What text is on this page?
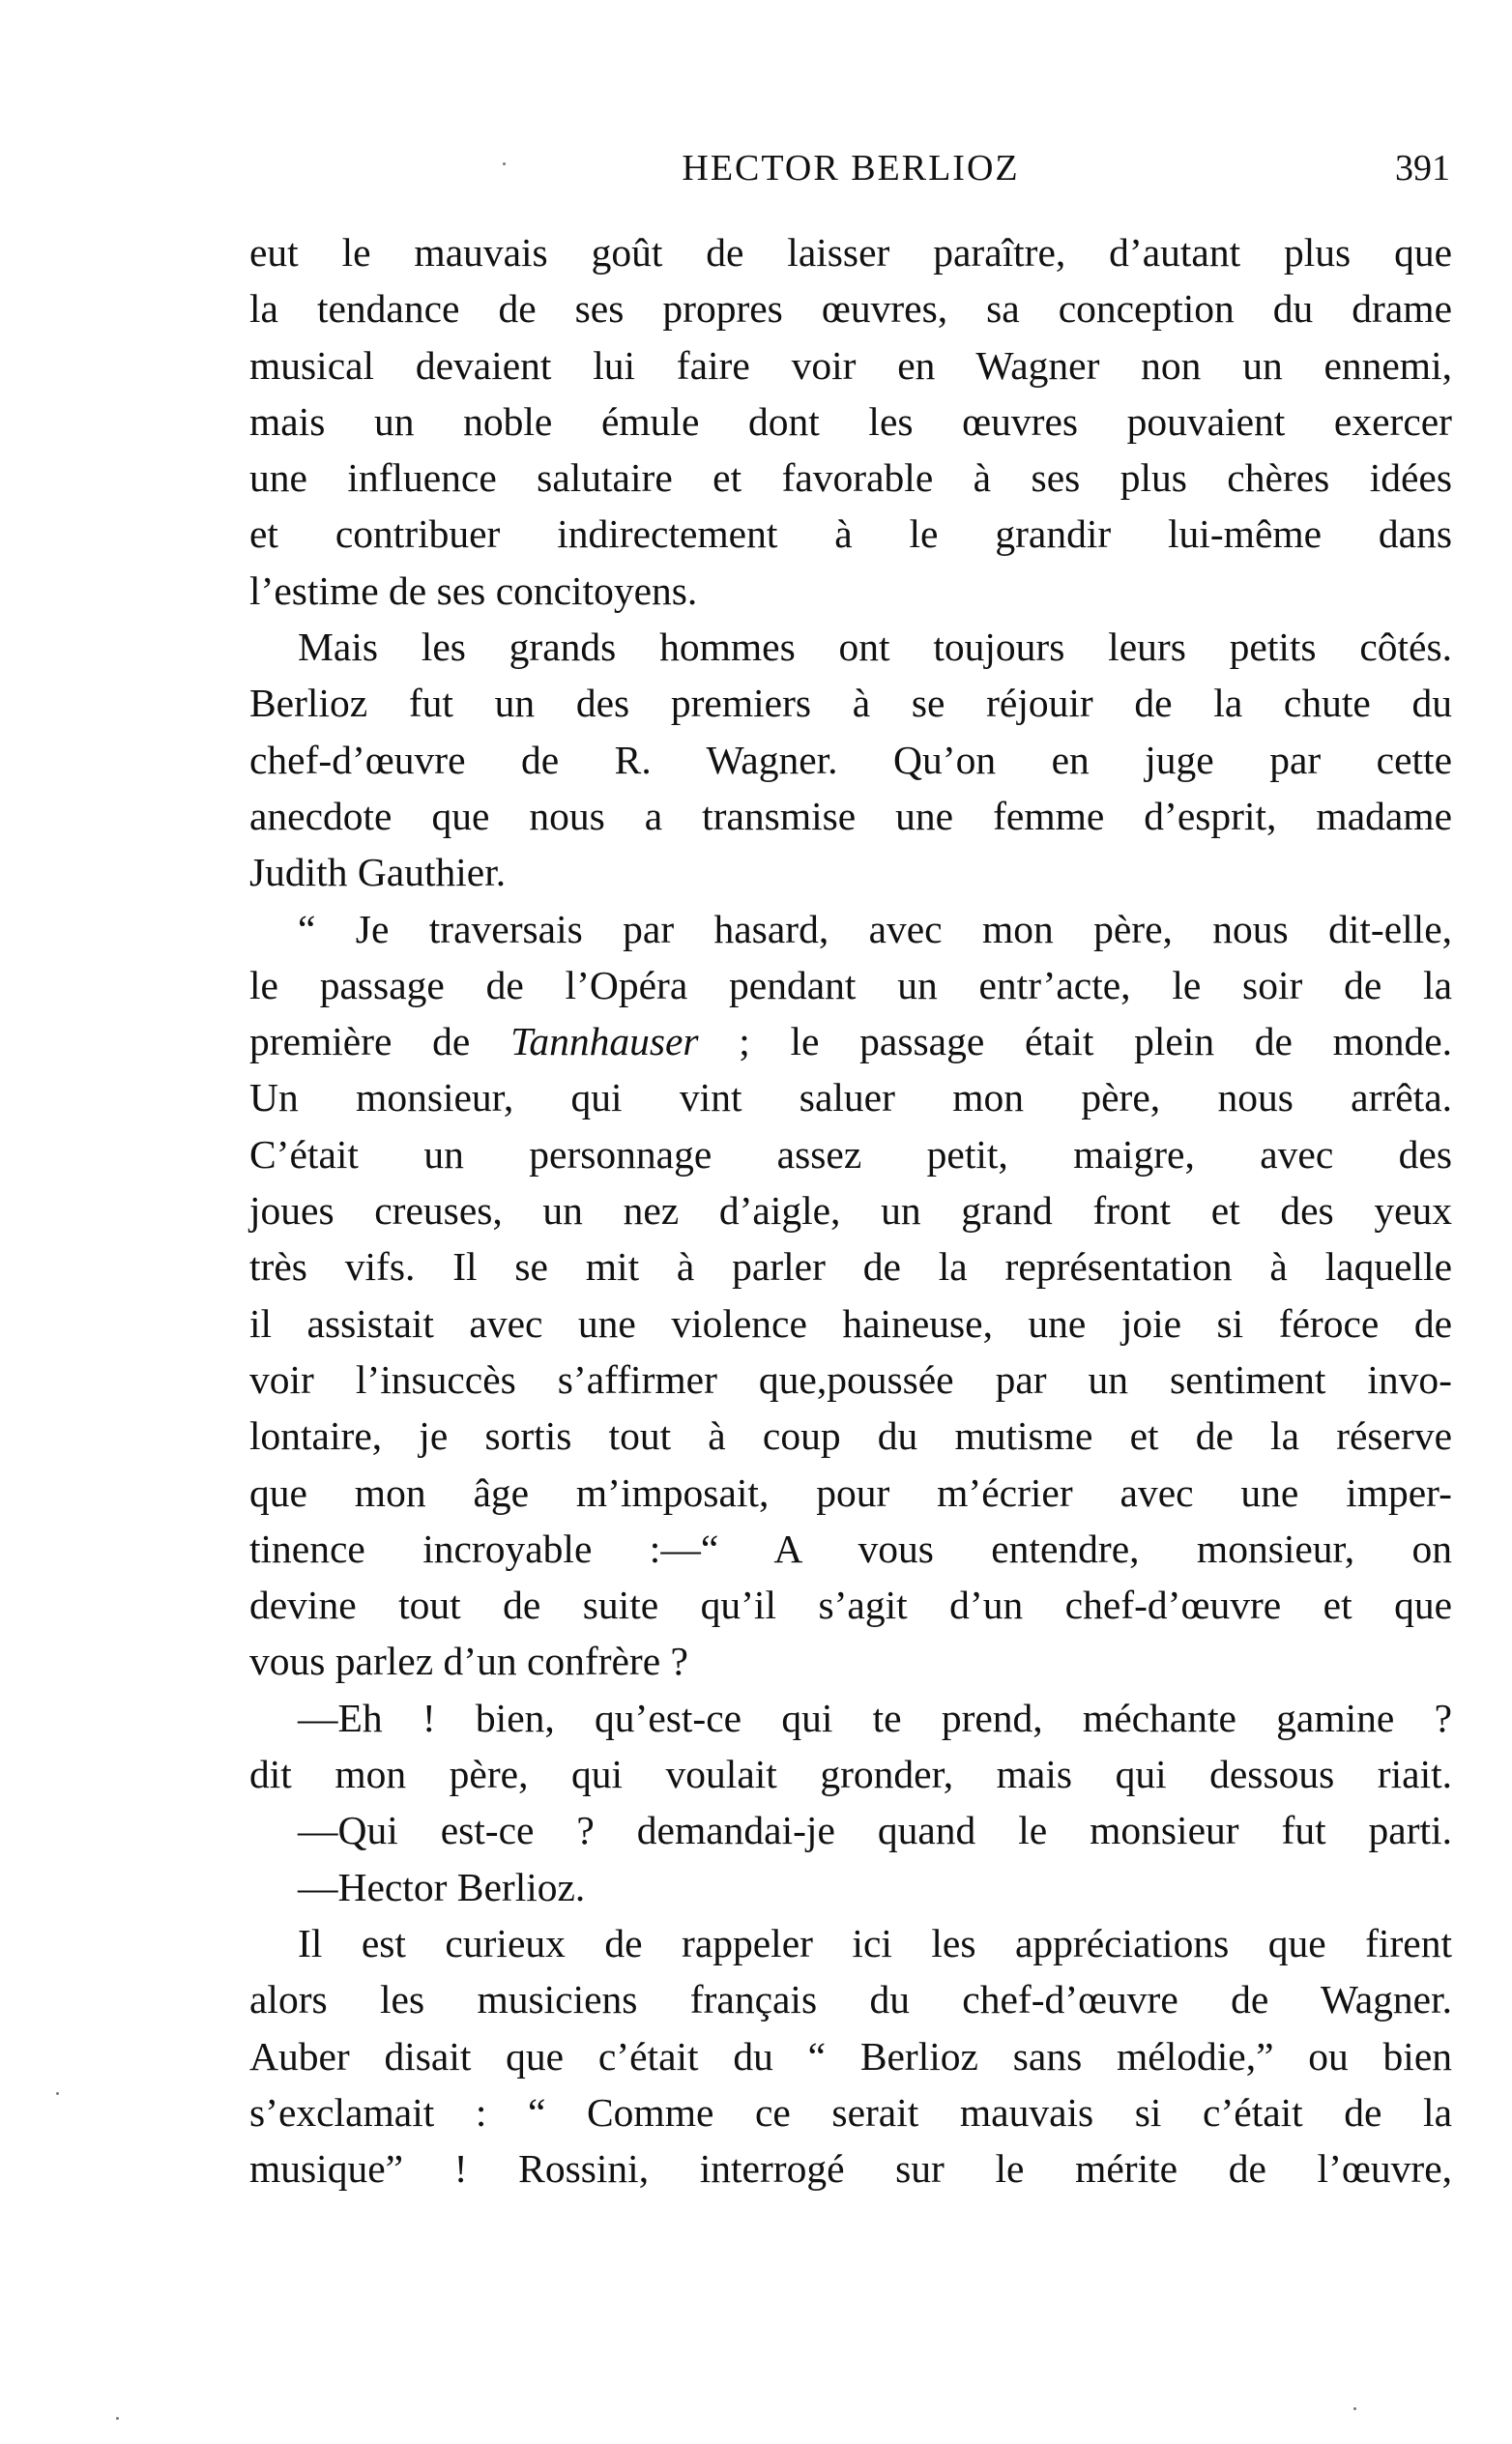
HECTOR BERLIOZ	391
eut le mauvais goût de laisser paraître, d’autant plus que
la tendance de ses propres œuvres, sa conception du drame
musical devaient lui faire voir en Wagner non un ennemi,
mais un noble émule dont les œuvres pouvaient exercer
une influence salutaire et favorable à ses plus chères idées
et contribuer indirectement à le grandir lui-même dans
l’estime de ses concitoyens.
Mais les grands hommes ont toujours leurs petits côtés.
Berlioz fut un des premiers à se réjouir de la chute du
chef-d’œuvre de R. Wagner. Qu’on en juge par cette
anecdote que nous a transmise une femme d’esprit, madame
Judith Gauthier.
“ Je traversais par hasard, avec mon père, nous dit-elle,
le passage de l’Opéra pendant un entr’acte, le soir de la
première de Tannhauser ; le passage était plein de monde.
Un monsieur, qui vint saluer mon père, nous arrêta.
C’était un personnage assez petit, maigre, avec des
joues creuses, un nez d’aigle, un grand front et des yeux
très vifs. Il se mit à parler de la représentation à laquelle
il assistait avec une violence haineuse, une joie si féroce de
voir l’insuccès s’affirmer que,poussée par un sentiment invo-
lontaire, je sortis tout à coup du mutisme et de la réserve
que mon âge m’imposait, pour m’écrier avec une imper-
tinence incroyable :—“ A vous entendre, monsieur, on
devine tout de suite qu’il s’agit d’un chef-d’œuvre et que
vous parlez d’un confrère ?
—Eh ! bien, qu’est-ce qui te prend, méchante gamine ?
dit mon père, qui voulait gronder, mais qui dessous riait.
—Qui est-ce ? demandai-je quand le monsieur fut parti.
—Hector Berlioz.
Il est curieux de rappeler ici les appréciations que firent
alors les musiciens français du chef-d’œuvre de Wagner.
Auber disait que c’était du “ Berlioz sans mélodie,” ou bien
s’exclamait : “ Comme ce serait mauvais si c’était de la
musique” ! Rossini, interrogé sur le mérite de l’œuvre,
